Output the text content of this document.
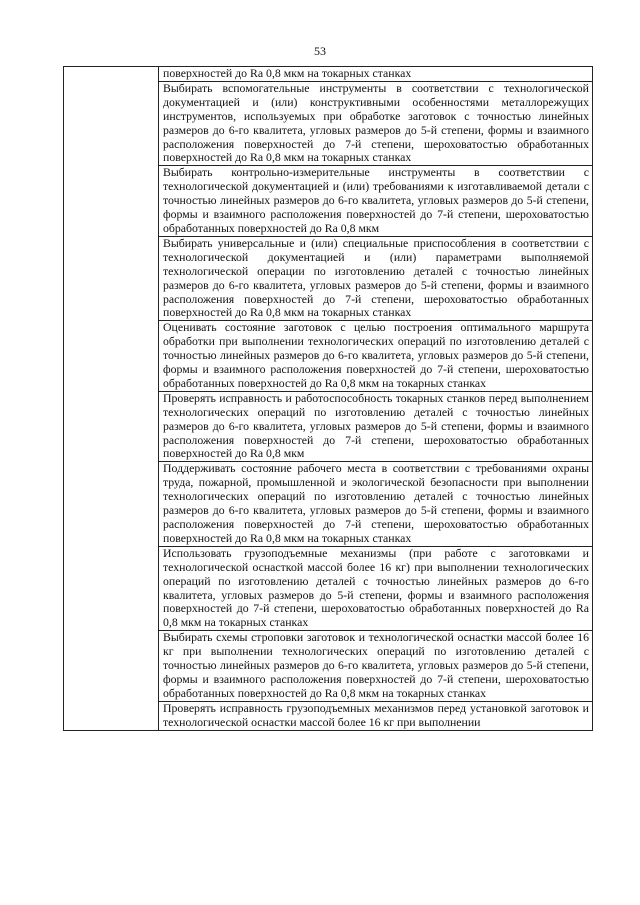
53

поверхностей до Ra 0,8 мкм на токарных станках

Выбирать вспомогательные инструменты в соответствии с технологической документацией и (или) конструктивными особенностями металлорежущих инструментов, используемых при обработке заготовок с точностью линейных размеров до 6-го квалитета, угловых размеров до 5-й степени, формы и взаимного расположения поверхностей до 7-й степени, шероховатостью обработанных поверхностей до Ra 0,8 мкм на токарных станках

Выбирать контрольно-измерительные инструменты в соответствии с технологической документацией и (или) требованиями к изготавливаемой детали с точностью линейных размеров до 6-го квалитета, угловых размеров до 5-й степени, формы и взаимного расположения поверхностей до 7-й степени, шероховатостью обработанных поверхностей до Ra 0,8 мкм

Выбирать универсальные и (или) специальные приспособления в соответствии с технологической документацией и (или) параметрами выполняемой технологической операции по изготовлению деталей с точностью линейных размеров до 6-го квалитета, угловых размеров до 5-й степени, формы и взаимного расположения поверхностей до 7-й степени, шероховатостью обработанных поверхностей до Ra 0,8 мкм на токарных станках

Оценивать состояние заготовок с целью построения оптимального маршрута обработки при выполнении технологических операций по изготовлению деталей с точностью линейных размеров до 6-го квалитета, угловых размеров до 5-й степени, формы и взаимного расположения поверхностей до 7-й степени, шероховатостью обработанных поверхностей до Ra 0,8 мкм на токарных станках

Проверять исправность и работоспособность токарных станков перед выполнением технологических операций по изготовлению деталей с точностью линейных размеров до 6-го квалитета, угловых размеров до 5-й степени, формы и взаимного расположения поверхностей до 7-й степени, шероховатостью обработанных поверхностей до Ra 0,8 мкм

Поддерживать состояние рабочего места в соответствии с требованиями охраны труда, пожарной, промышленной и экологической безопасности при выполнении технологических операций по изготовлению деталей с точностью линейных размеров до 6-го квалитета, угловых размеров до 5-й степени, формы и взаимного расположения поверхностей до 7-й степени, шероховатостью обработанных поверхностей до Ra 0,8 мкм на токарных станках

Использовать грузоподъемные механизмы (при работе с заготовками и технологической оснасткой массой более 16 кг) при выполнении технологических операций по изготовлению деталей с точностью линейных размеров до 6-го квалитета, угловых размеров до 5-й степени, формы и взаимного расположения поверхностей до 7-й степени, шероховатостью обработанных поверхностей до Ra 0,8 мкм на токарных станках

Выбирать схемы строповки заготовок и технологической оснастки массой более 16 кг при выполнении технологических операций по изготовлению деталей с точностью линейных размеров до 6-го квалитета, угловых размеров до 5-й степени, формы и взаимного расположения поверхностей до 7-й степени, шероховатостью обработанных поверхностей до Ra 0,8 мкм на токарных станках

Проверять исправность грузоподъемных механизмов перед установкой заготовок и технологической оснастки массой более 16 кг при выполнении
